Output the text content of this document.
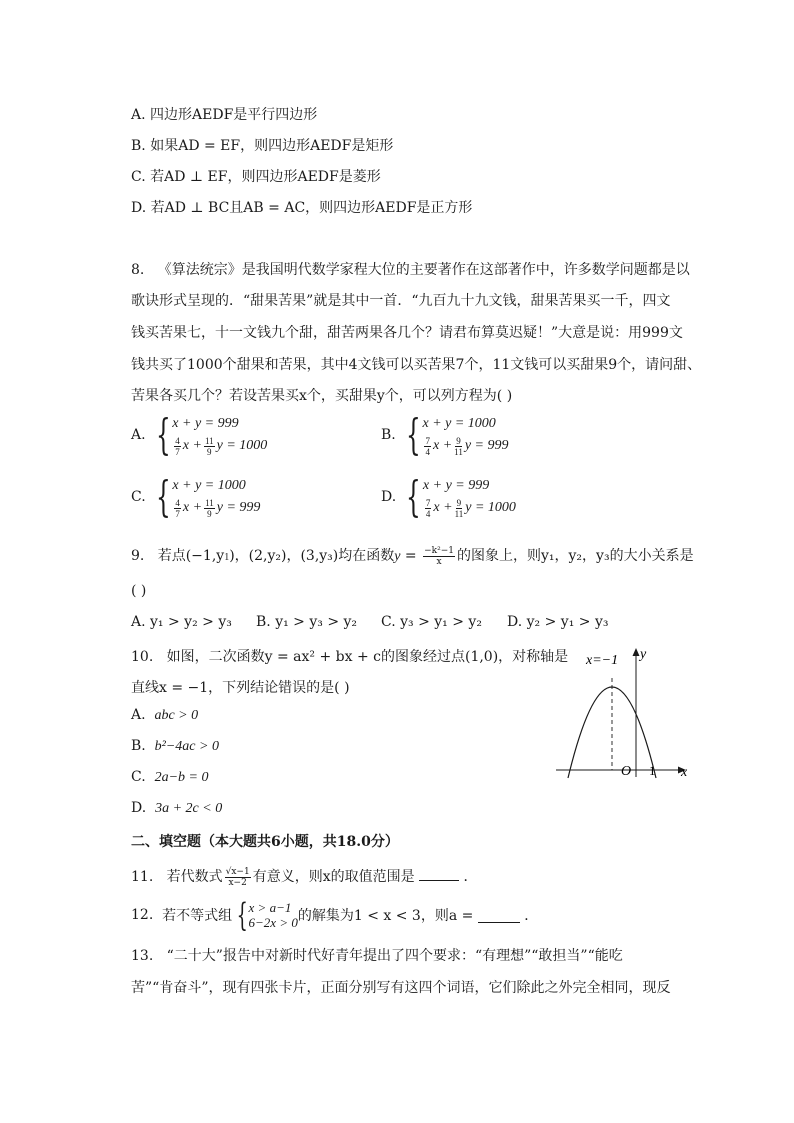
A. 四边形AEDF是平行四边形
B. 如果AD = EF，则四边形AEDF是矩形
C. 若AD ⊥ EF，则四边形AEDF是菱形
D. 若AD ⊥ BC且AB = AC，则四边形AEDF是正方形
8. 《算法统宗》是我国明代数学家程大位的主要著作在这部著作中，许多数学问题都是以
歌诀形式呈现的．“甜果苦果”就是其中一首．“九百九十九文钱，甜果苦果买一千，四文
钱买苦果七，十一文钱九个甜，甜苦两果各几个？请君布算莫迟疑！”大意是说：用999文
钱共买了1000个甜果和苦果，其中4文钱可以买苦果7个，11文钱可以买甜果9个，请问甜、
苦果各买几个？若设苦果买x个，买甜果y个，可以列方程为( )
A. { x + y = 999
$\frac{4}{7}$ $x + \frac{11}{9}$ y = 1000
B. { x + y = 1000
$\frac{7}{4}$ $x + \frac{9}{11}$ y = 999
C. { x + y = 1000
$\frac{4}{7}$ $x + \frac{11}{9}$ y = 999
D. { x + y = 999
$\frac{7}{4}$ $x + \frac{9}{11}$ y = 1000
9. 若点(−1,y1)，(2,y₂)，(3,y₃)均在函数$y = \frac{\text{−k²−1}}{x}$ 的图象上，则y₁，y₂，y₃的大小关系是
( )
A. y₁ > y₂ > y₃ B. y₁ > y₃ > y₂ C. y₃ > y₁ > y₂ D. y₂ > y₁ > y₃
10. 如图，二次函数y = ax² + bx + c的图象经过点(1,0)，对称轴是
直线x = −1，下列结论错误的是( )
A. abc > 0
B. b²−4ac > 0
C. 2a−b = 0
D. 3a + 2c < 0
x=−1 y
x
O 1
二、填空题（本大题共6小题，共18.0分）
11. 若代数式 $\frac{√x-1}{x-2}$ 有意义，则x的取值范围是	．
12.
若不等式组 { x > a−1
6−2x > 0 的解集为1 < x < 3，则a =

	．
13. “二十大”报告中对新时代好青年提出了四个要求：“有理想”“敢担当”“能吃
苦”“肯奋斗”，现有四张卡片，正面分别写有这四个词语，它们除此之外完全相同，现反
